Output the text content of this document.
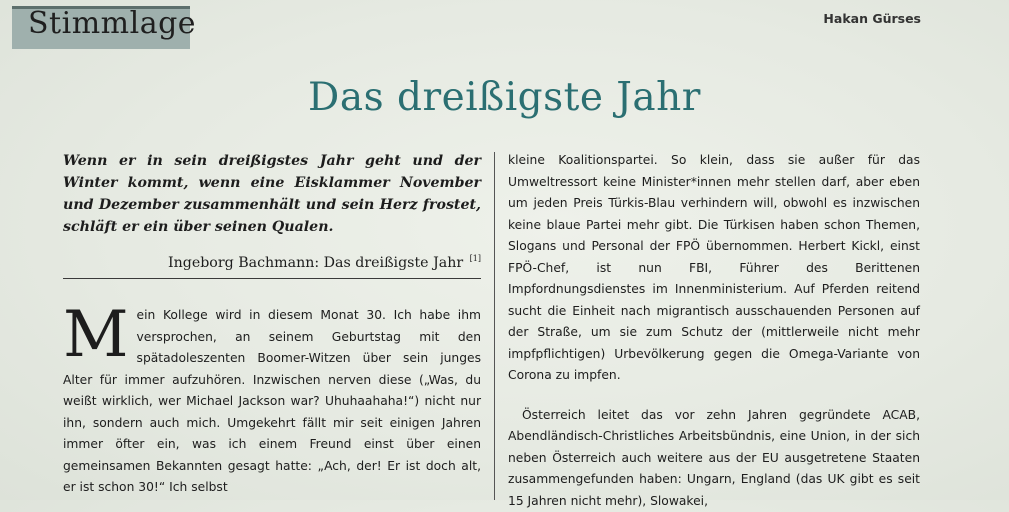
Stimmlage	Hakan Gürses
Das dreißigste Jahr

Wenn er in sein dreißigstes Jahr geht und der Winter kommt, wenn eine Eisklammer November und Dezember zusammenhält und sein Herz frostet, schläft er ein über seinen Qualen.

Ingeborg Bachmann: Das dreißigste Jahr [1]

Mein Kollege wird in diesem Monat 30. Ich habe ihm versprochen, an seinem Geburtstag mit den spätadoleszenten Boomer-Witzen über sein junges Alter für immer aufzuhören. Inzwischen nerven diese („Was, du weißt wirklich, wer Michael Jackson war? Uhuhaahaha!“) nicht nur ihn, sondern auch mich. Umgekehrt fällt mir seit einigen Jahren immer öfter ein, was ich einem Freund einst über einen gemeinsamen Bekannten gesagt hatte: „Ach, der! Er ist doch alt, er ist schon 30!“ Ich selbst

kleine Koalitionspartei. So klein, dass sie außer für das Umweltressort keine Minister*innen mehr stellen darf, aber eben um jeden Preis Türkis-Blau verhindern will, obwohl es inzwischen keine blaue Partei mehr gibt. Die Türkisen haben schon Themen, Slogans und Personal der FPÖ übernommen. Herbert Kickl, einst FPÖ-Chef, ist nun FBI, Führer des Berittenen Impfordnungsdienstes im Innenministerium. Auf Pferden reitend sucht die Einheit nach migrantisch ausschauenden Personen auf der Straße, um sie zum Schutz der (mittlerweile nicht mehr impfpflichtigen) Urbevölkerung gegen die Omega-Variante von Corona zu impfen.

Österreich leitet das vor zehn Jahren gegründete ACAB, Abendländisch-Christliches Arbeitsbündnis, eine Union, in der sich neben Österreich auch weitere aus der EU ausgetretene Staaten zusammengefunden haben: Ungarn, England (das UK gibt es seit 15 Jahren nicht mehr), Slowakei,
